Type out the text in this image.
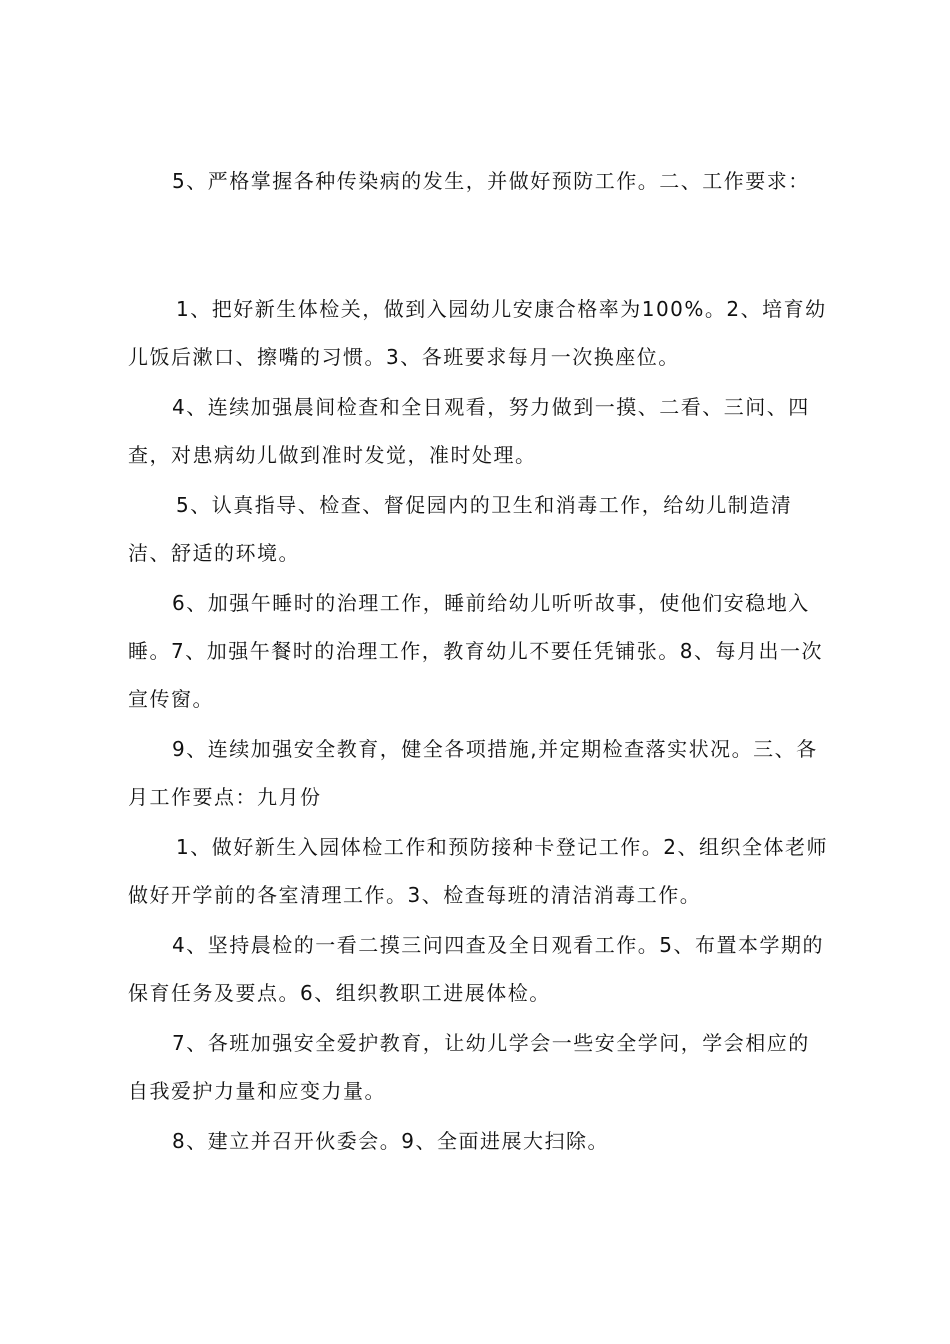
5、严格掌握各种传染病的发生，并做好预防工作。二、工作要求：

1、把好新生体检关，做到入园幼儿安康合格率为100%。2、培育幼儿饭后漱口、擦嘴的习惯。3、各班要求每月一次换座位。

4、连续加强晨间检查和全日观看，努力做到一摸、二看、三问、四查，对患病幼儿做到准时发觉，准时处理。

5、认真指导、检查、督促园内的卫生和消毒工作，给幼儿制造清洁、舒适的环境。

6、加强午睡时的治理工作，睡前给幼儿听听故事，使他们安稳地入睡。7、加强午餐时的治理工作，教育幼儿不要任凭铺张。8、每月出一次宣传窗。

9、连续加强安全教育，健全各项措施,并定期检查落实状况。三、各月工作要点：九月份

1、做好新生入园体检工作和预防接种卡登记工作。2、组织全体老师做好开学前的各室清理工作。3、检查每班的清洁消毒工作。

4、坚持晨检的一看二摸三问四查及全日观看工作。5、布置本学期的保育任务及要点。6、组织教职工进展体检。

7、各班加强安全爱护教育，让幼儿学会一些安全学问，学会相应的自我爱护力量和应变力量。

8、建立并召开伙委会。9、全面进展大扫除。
